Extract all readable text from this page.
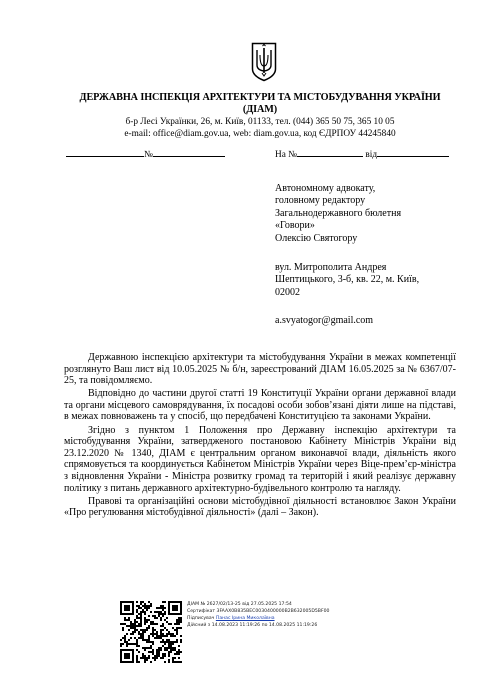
ДЕРЖАВНА ІНСПЕКЦІЯ АРХІТЕКТУРИ ТА МІСТОБУДУВАННЯ УКРАЇНИ
(ДІАМ)
б-р Лесі Українки, 26, м. Київ, 01133, тел. (044) 365 50 75, 365 10 05
e-mail: office@diam.gov.ua, web: diam.gov.ua, код ЄДРПОУ 44245840
№	На №	від
Автономному адвокату,
головному редактору
Загальнодержавного бюлетня
«Говори»
Олексію Святогору
вул. Митрополита Андрея
Шептицького, 3-б, кв. 22, м. Київ,
02002
a.svyatogor@gmail.com

Державною інспекцією архітектури та містобудування України в межах компетенції розглянуто Ваш лист від 10.05.2025 № б/н, зареєстрований ДІАМ 16.05.2025 за № 6367/07-25, та повідомляємо.

Відповідно до частини другої статті 19 Конституції України органи державної влади та органи місцевого самоврядування, їх посадові особи зобов’язані діяти лише на підставі, в межах повноважень та у спосіб, що передбачені Конституцією та законами України.

Згідно з пунктом 1 Положення про Державну інспекцію архітектури та містобудування України, затвердженого постановою Кабінету Міністрів України від 23.12.2020 № 1340, ДІАМ є центральним органом виконавчої влади, діяльність якого спрямовується та координується Кабінетом Міністрів України через Віце-прем’єр-міністра з відновлення України - Міністра розвитку громад та територій і який реалізує державну політику з питань державного архітектурно-будівельного контролю та нагляду.

Правові та організаційні основи містобудівної діяльності встановлює Закон України «Про регулювання містобудівної діяльності» (далі – Закон).

ДІАМ № 2627/02/13-25 від 27.05.2025 17:54
Сертифікат 3FAAX0B835BEC0030400000B2B632005D5BF00
Підписувач Панас Ірина Миколаївна
Дійсний з 14.08.2023 11:19:26 по 14.08.2025 11:19:26
